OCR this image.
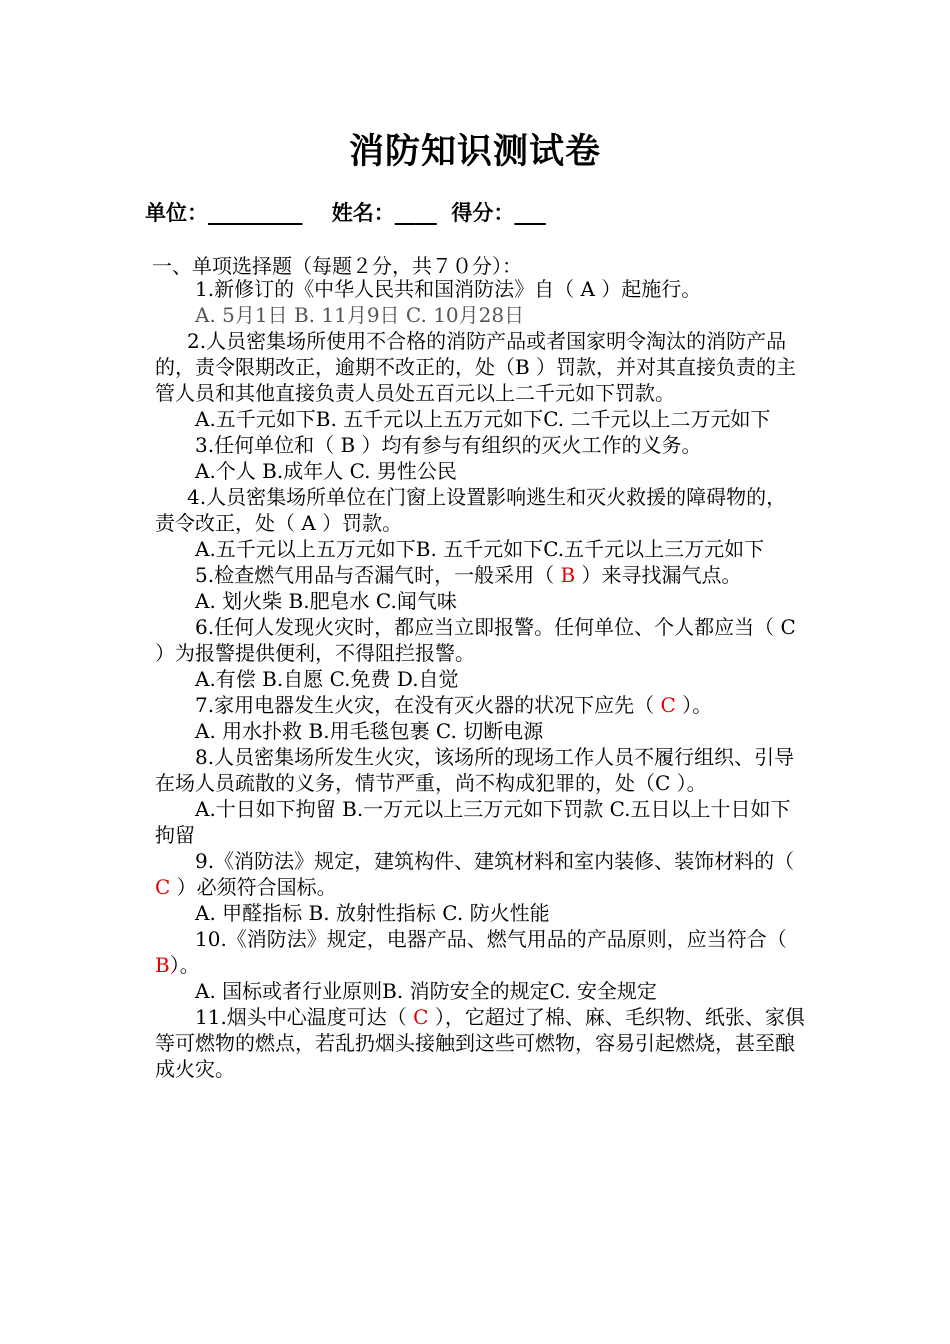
消防知识测试卷
单位：_________ 姓名：____ 得分：___
一、单项选择题（每题２分，共７０分）：

1.新修订的《中华人民共和国消防法》自（ A ）起施行。

A. 5月1日 B. 11月9日 C. 10月28日

2.人员密集场所使用不合格的消防产品或者国家明令淘汰的消防产品的，责令限期改正，逾期不改正的，处（B ）罚款，并对其直接负责的主管人员和其他直接负责人员处五百元以上二千元如下罚款。

A.五千元如下B. 五千元以上五万元如下C. 二千元以上二万元如下

3.任何单位和（ B ）均有参与有组织的灭火工作的义务。

A.个人 B.成年人 C. 男性公民

4.人员密集场所单位在门窗上设置影响逃生和灭火救援的障碍物的，责令改正，处（ A ）罚款。

A.五千元以上五万元如下B. 五千元如下C.五千元以上三万元如下

5.检查燃气用品与否漏气时，一般采用（ B ）来寻找漏气点。

A. 划火柴 B.肥皂水 C.闻气味

6.任何人发现火灾时，都应当立即报警。任何单位、个人都应当（ C ）为报警提供便利，不得阻拦报警。

A.有偿 B.自愿 C.免费 D.自觉

7.家用电器发生火灾，在没有灭火器的状况下应先（ C ）。

A. 用水扑救 B.用毛毯包裹 C. 切断电源

8.人员密集场所发生火灾，该场所的现场工作人员不履行组织、引导在场人员疏散的义务，情节严重，尚不构成犯罪的，处（C ）。

A.十日如下拘留 B.一万元以上三万元如下罚款 C.五日以上十日如下拘留

9.《消防法》规定，建筑构件、建筑材料和室内装修、装饰材料的（ C ）必须符合国标。

A. 甲醛指标 B. 放射性指标 C. 防火性能

10.《消防法》规定，电器产品、燃气用品的产品原则，应当符合（ B）。

A. 国标或者行业原则B. 消防安全的规定C. 安全规定

11.烟头中心温度可达（ C ），它超过了棉、麻、毛织物、纸张、家俱等可燃物的燃点，若乱扔烟头接触到这些可燃物，容易引起燃烧，甚至酿成火灾。
